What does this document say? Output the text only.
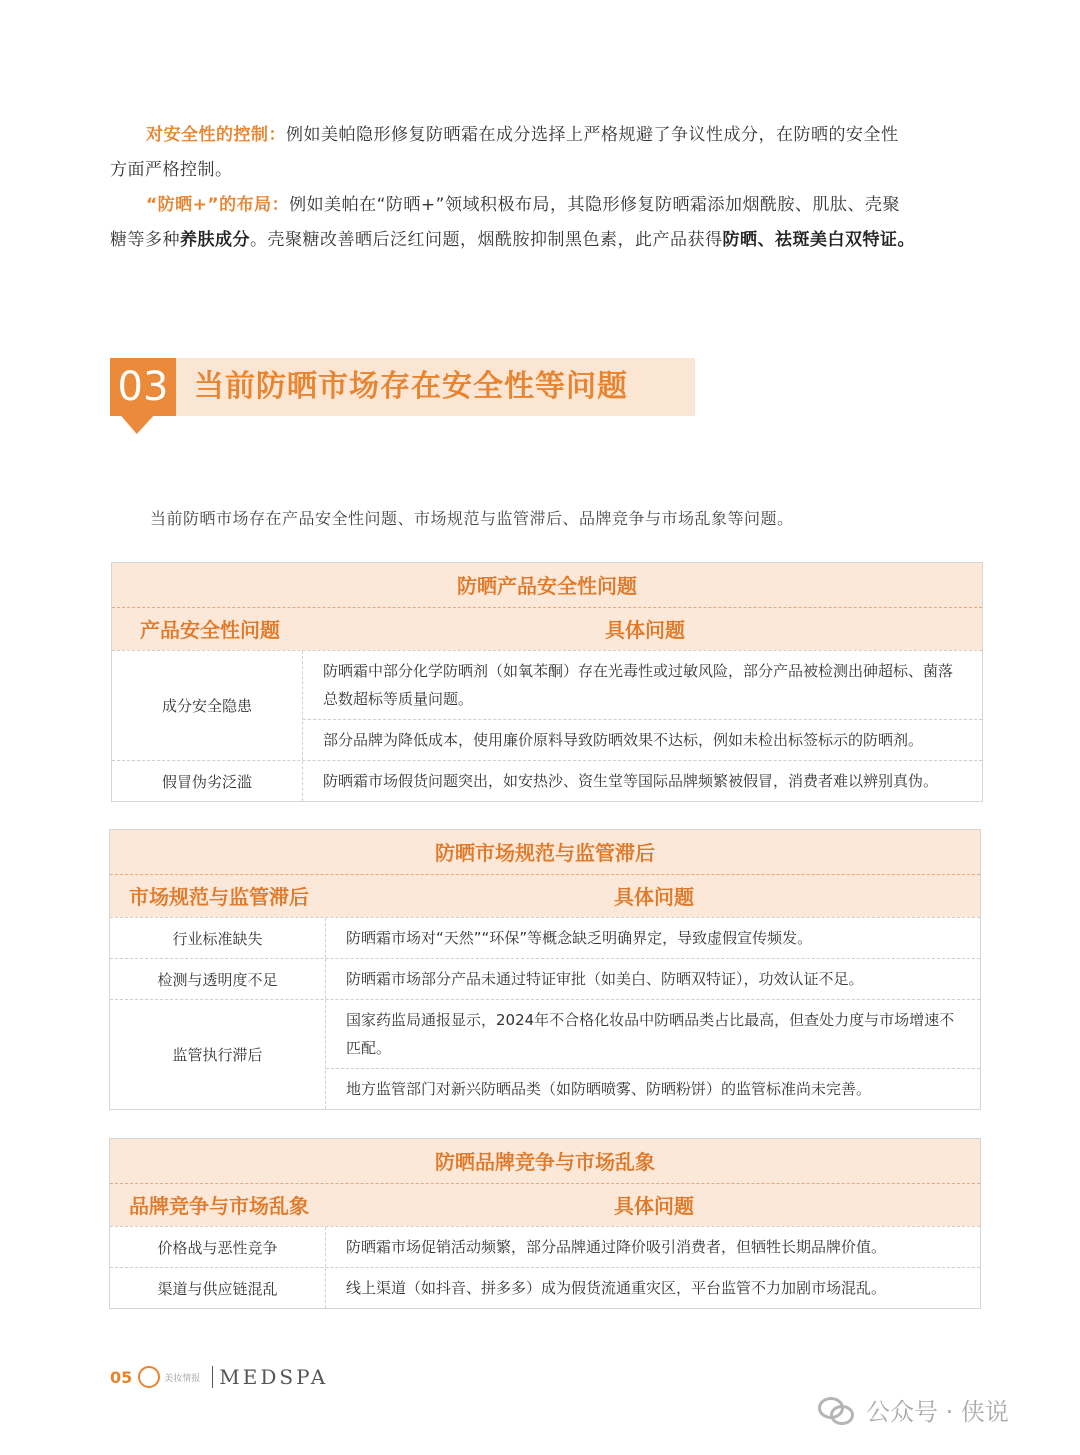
对安全性的控制：例如美帕隐形修复防晒霜在成分选择上严格规避了争议性成分，在防晒的安全性

方面严格控制。

“防晒+”的布局：例如美帕在“防晒+”领域积极布局，其隐形修复防晒霜添加烟酰胺、肌肽、壳聚

糖等多种养肤成分。壳聚糖改善晒后泛红问题，烟酰胺抑制黑色素，此产品获得防晒、祛斑美白双特证。

03 当前防晒市场存在安全性等问题
当前防晒市场存在产品安全性问题、市场规范与监管滞后、品牌竞争与市场乱象等问题。
防晒产品安全性问题
产品安全性问题	具体问题
成分安全隐患
防晒霜中部分化学防晒剂（如氧苯酮）存在光毒性或过敏风险，部分产品被检测出砷超标、菌落总数超标等质量问题。
部分品牌为降低成本，使用廉价原料导致防晒效果不达标，例如未检出标签标示的防晒剂。
假冒伪劣泛滥	防晒霜市场假货问题突出，如安热沙、资生堂等国际品牌频繁被假冒，消费者难以辨别真伪。
防晒市场规范与监管滞后
市场规范与监管滞后	具体问题
行业标准缺失	防晒霜市场对“天然”“环保”等概念缺乏明确界定，导致虚假宣传频发。
检测与透明度不足	防晒霜市场部分产品未通过特证审批（如美白、防晒双特证），功效认证不足。
监管执行滞后
国家药监局通报显示，2024年不合格化妆品中防晒品类占比最高，但查处力度与市场增速不匹配。
地方监管部门对新兴防晒品类（如防晒喷雾、防晒粉饼）的监管标准尚未完善。
防晒品牌竞争与市场乱象
品牌竞争与市场乱象	具体问题
价格战与恶性竞争	防晒霜市场促销活动频繁，部分品牌通过降价吸引消费者，但牺牲长期品牌价值。
渠道与供应链混乱	线上渠道（如抖音、拼多多）成为假货流通重灾区，平台监管不力加剧市场混乱。
05	美妆情报 MEDSPA
公众号 · 侠说
